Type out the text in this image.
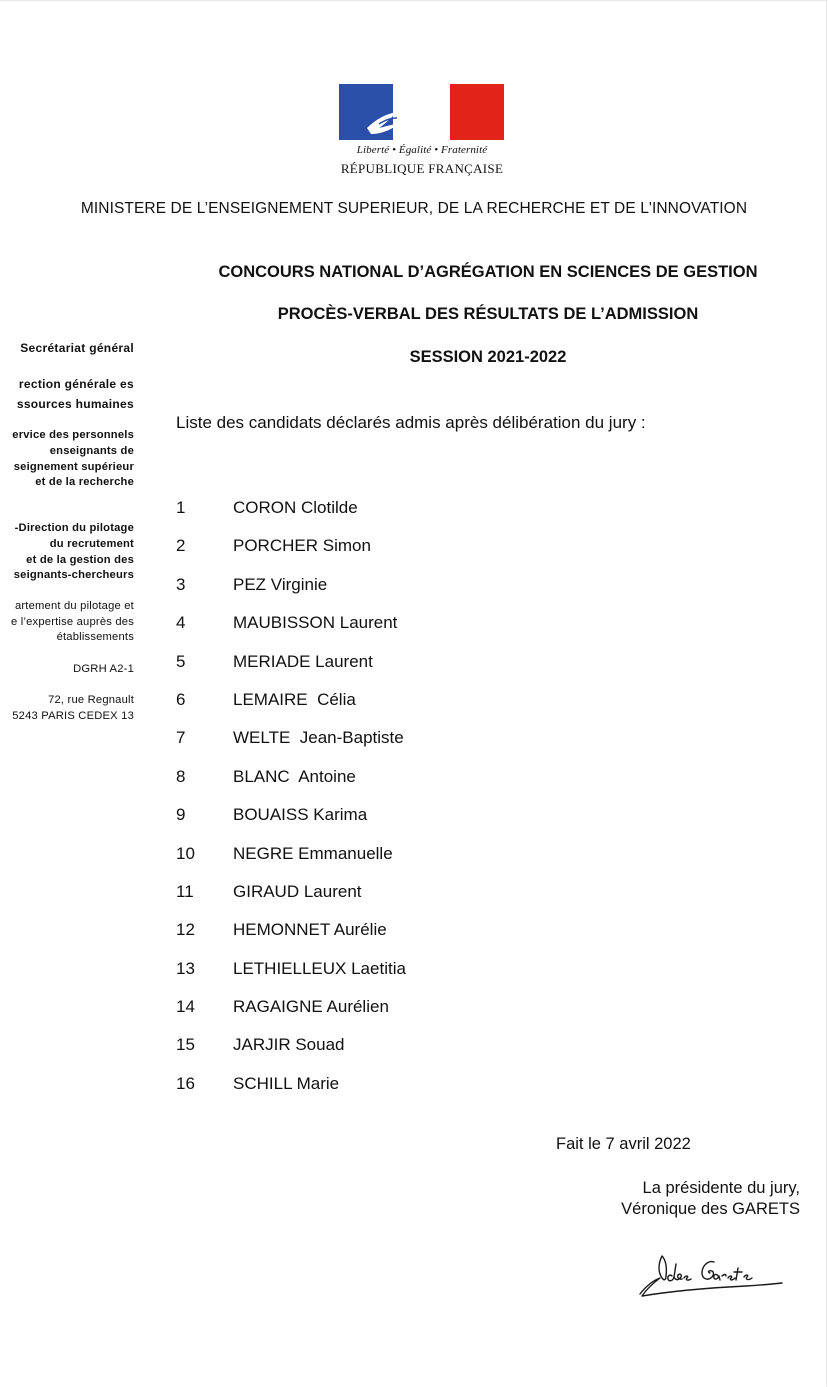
Liberté • Égalité • Fraternité
RÉPUBLIQUE FRANÇAISE
MINISTERE DE L’ENSEIGNEMENT SUPERIEUR, DE LA RECHERCHE ET DE L'INNOVATION
CONCOURS NATIONAL D’AGRÉGATION EN SCIENCES DE GESTION
PROCÈS-VERBAL DES RÉSULTATS DE L’ADMISSION
SESSION 2021-2022
Secrétariat général
rection générale es
ssources humaines
ervice des personnels
enseignants de
seignement supérieur
et de la recherche
-Direction du pilotage
du recrutement
et de la gestion des
seignants-chercheurs
artement du pilotage et
e l’expertise auprès des
établissements
DGRH A2-1
72, rue Regnault
5243 PARIS CEDEX 13
Liste des candidats déclarés admis après délibération du jury :
1	CORON Clotilde
2	PORCHER Simon
3	PEZ Virginie
4	MAUBISSON Laurent
5	MERIADE Laurent
6	LEMAIRE  Célia
7	WELTE  Jean-Baptiste
8	BLANC  Antoine
9	BOUAISS Karima
10	NEGRE Emmanuelle
11	GIRAUD Laurent
12	HEMONNET Aurélie
13	LETHIELLEUX Laetitia
14	RAGAIGNE Aurélien
15	JARJIR Souad
16	SCHILL Marie
Fait le 7 avril 2022
La présidente du jury,
Véronique des GARETS
